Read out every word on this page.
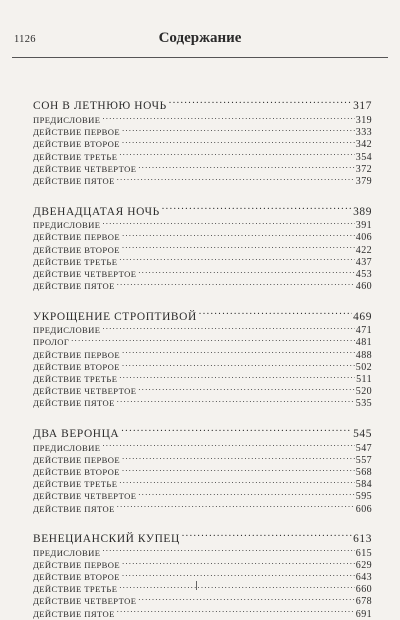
1126	Содержание
СОН В ЛЕТНЮЮ НОЧЬ .....	317
ПРЕДИСЛОВИЕ .....	319
ДЕЙСТВИЕ ПЕРВОЕ .....	333
ДЕЙСТВИЕ ВТОРОЕ .....	342
ДЕЙСТВИЕ ТРЕТЬЕ .....	354
ДЕЙСТВИЕ ЧЕТВЕРТОЕ .....	372
ДЕЙСТВИЕ ПЯТОЕ .....	379
ДВЕНАДЦАТАЯ НОЧЬ .....	389
ПРЕДИСЛОВИЕ .....	391
ДЕЙСТВИЕ ПЕРВОЕ .....	406
ДЕЙСТВИЕ ВТОРОЕ .....	422
ДЕЙСТВИЕ ТРЕТЬЕ .....	437
ДЕЙСТВИЕ ЧЕТВЕРТОЕ .....	453
ДЕЙСТВИЕ ПЯТОЕ .....	460
УКРОЩЕНИЕ СТРОПТИВОЙ .....	469
ПРЕДИСЛОВИЕ .....	471
ПРОЛОГ .....	481
ДЕЙСТВИЕ ПЕРВОЕ .....	488
ДЕЙСТВИЕ ВТОРОЕ .....	502
ДЕЙСТВИЕ ТРЕТЬЕ .....	511
ДЕЙСТВИЕ ЧЕТВЕРТОЕ .....	520
ДЕЙСТВИЕ ПЯТОЕ .....	535
ДВА ВЕРОНЦА .....	545
ПРЕДИСЛОВИЕ .....	547
ДЕЙСТВИЕ ПЕРВОЕ .....	557
ДЕЙСТВИЕ ВТОРОЕ .....	568
ДЕЙСТВИЕ ТРЕТЬЕ .....	584
ДЕЙСТВИЕ ЧЕТВЕРТОЕ .....	595
ДЕЙСТВИЕ ПЯТОЕ .....	606
ВЕНЕЦИАНСКИЙ КУПЕЦ .....	613
ПРЕДИСЛОВИЕ .....	615
ДЕЙСТВИЕ ПЕРВОЕ .....	629
ДЕЙСТВИЕ ВТОРОЕ .....	643
ДЕЙСТВИЕ ТРЕТЬЕ .....	660
ДЕЙСТВИЕ ЧЕТВЕРТОЕ .....	678
ДЕЙСТВИЕ ПЯТОЕ .....	691
